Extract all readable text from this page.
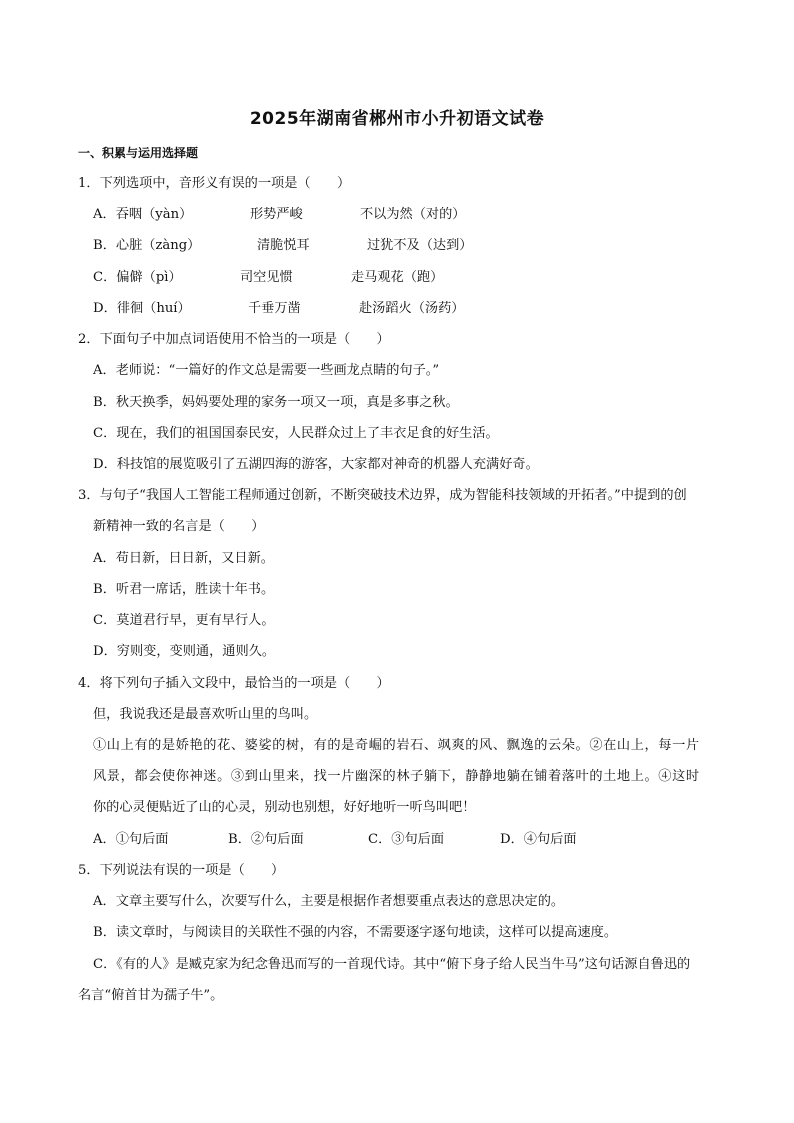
2025年湖南省郴州市小升初语文试卷
一、积累与运用选择题
1．下列选项中，音形义有误的一项是（　　）
A．吞咽（yàn）	形势严峻	不以为然（对的）
B．心脏（zàng）	清脆悦耳	过犹不及（达到）
C．偏僻（pì）	司空见惯	走马观花（跑）
D．徘徊（huí）	千垂万凿	赴汤蹈火（汤药）
2．下面句子中加点词语使用不恰当的一项是（　　）
A．老师说：“一篇好的作文总是需要一些画龙点睛的句子。”
B．秋天换季，妈妈要处理的家务一项又一项，真是多事之秋。
C．现在，我们的祖国国泰民安，人民群众过上了丰衣足食的好生活。
D．科技馆的展览吸引了五湖四海的游客，大家都对神奇的机器人充满好奇。
3．与句子“我国人工智能工程师通过创新，不断突破技术边界，成为智能科技领域的开拓者。”中提到的创
新精神一致的名言是（　　）
A．苟日新，日日新，又日新。
B．听君一席话，胜读十年书。
C．莫道君行早，更有早行人。
D．穷则变，变则通，通则久。
4．将下列句子插入文段中，最恰当的一项是（　　）
但，我说我还是最喜欢听山里的鸟叫。
①山上有的是娇艳的花、婆娑的树，有的是奇崛的岩石、飒爽的风、飘逸的云朵。②在山上，每一片
风景，都会使你神迷。③到山里来，找一片幽深的林子躺下，静静地躺在铺着落叶的土地上。④这时
你的心灵便贴近了山的心灵，别动也别想，好好地听一听鸟叫吧！
A．①句后面	B．②句后面	C．③句后面	D．④句后面
5．下列说法有误的一项是（　　）
A．文章主要写什么，次要写什么，主要是根据作者想要重点表达的意思决定的。
B．读文章时，与阅读目的关联性不强的内容，不需要逐字逐句地读，这样可以提高速度。
C．《有的人》是臧克家为纪念鲁迅而写的一首现代诗。其中“俯下身子给人民当牛马”这句话源自鲁迅的
名言“俯首甘为孺子牛”。
